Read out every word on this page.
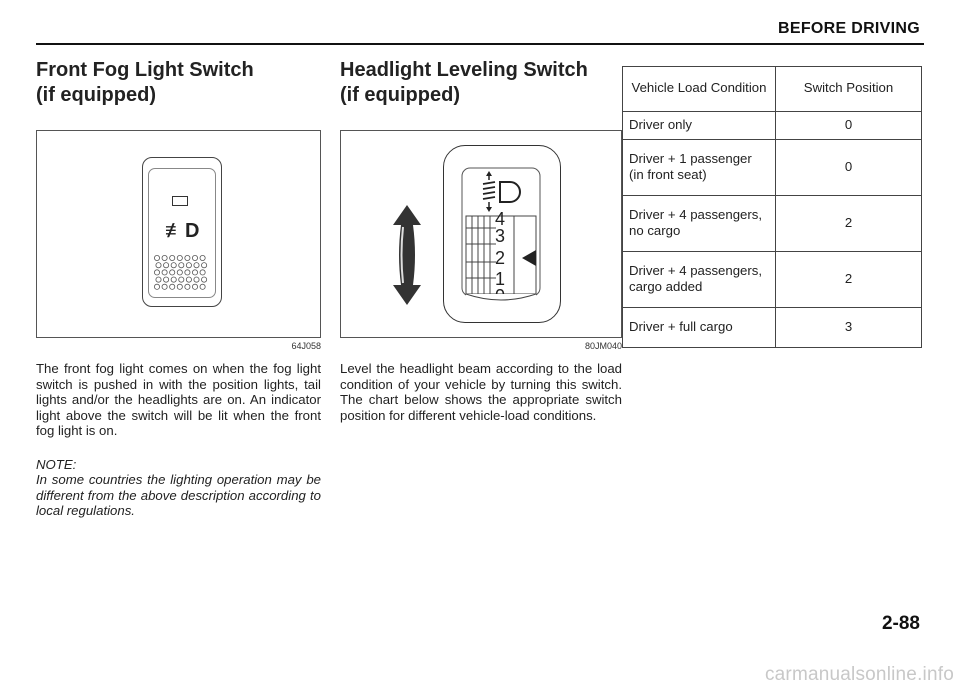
BEFORE DRIVING
Front Fog Light Switch
(if equipped)
≢D
64J058

The front fog light comes on when the fog light switch is pushed in with the position lights, tail lights and/or the headlights are on. An indicator light above the switch will be lit when the front fog light is on.

NOTE:

In some countries the lighting operation may be different from the above description according to local regulations.

Headlight Leveling Switch
(if equipped)
4
3
2
1
80JM040

Level the headlight beam according to the load condition of your vehicle by turning this switch. The chart below shows the appropriate switch position for different vehicle-load conditions.

Vehicle Load Condition	Switch Position
Driver only	0
Driver + 1 passenger (in front seat)	0
Driver + 4 passengers, no cargo	2
Driver + 4 passengers, cargo added	2
Driver + full cargo	3
2-88
carmanualsonline.info
